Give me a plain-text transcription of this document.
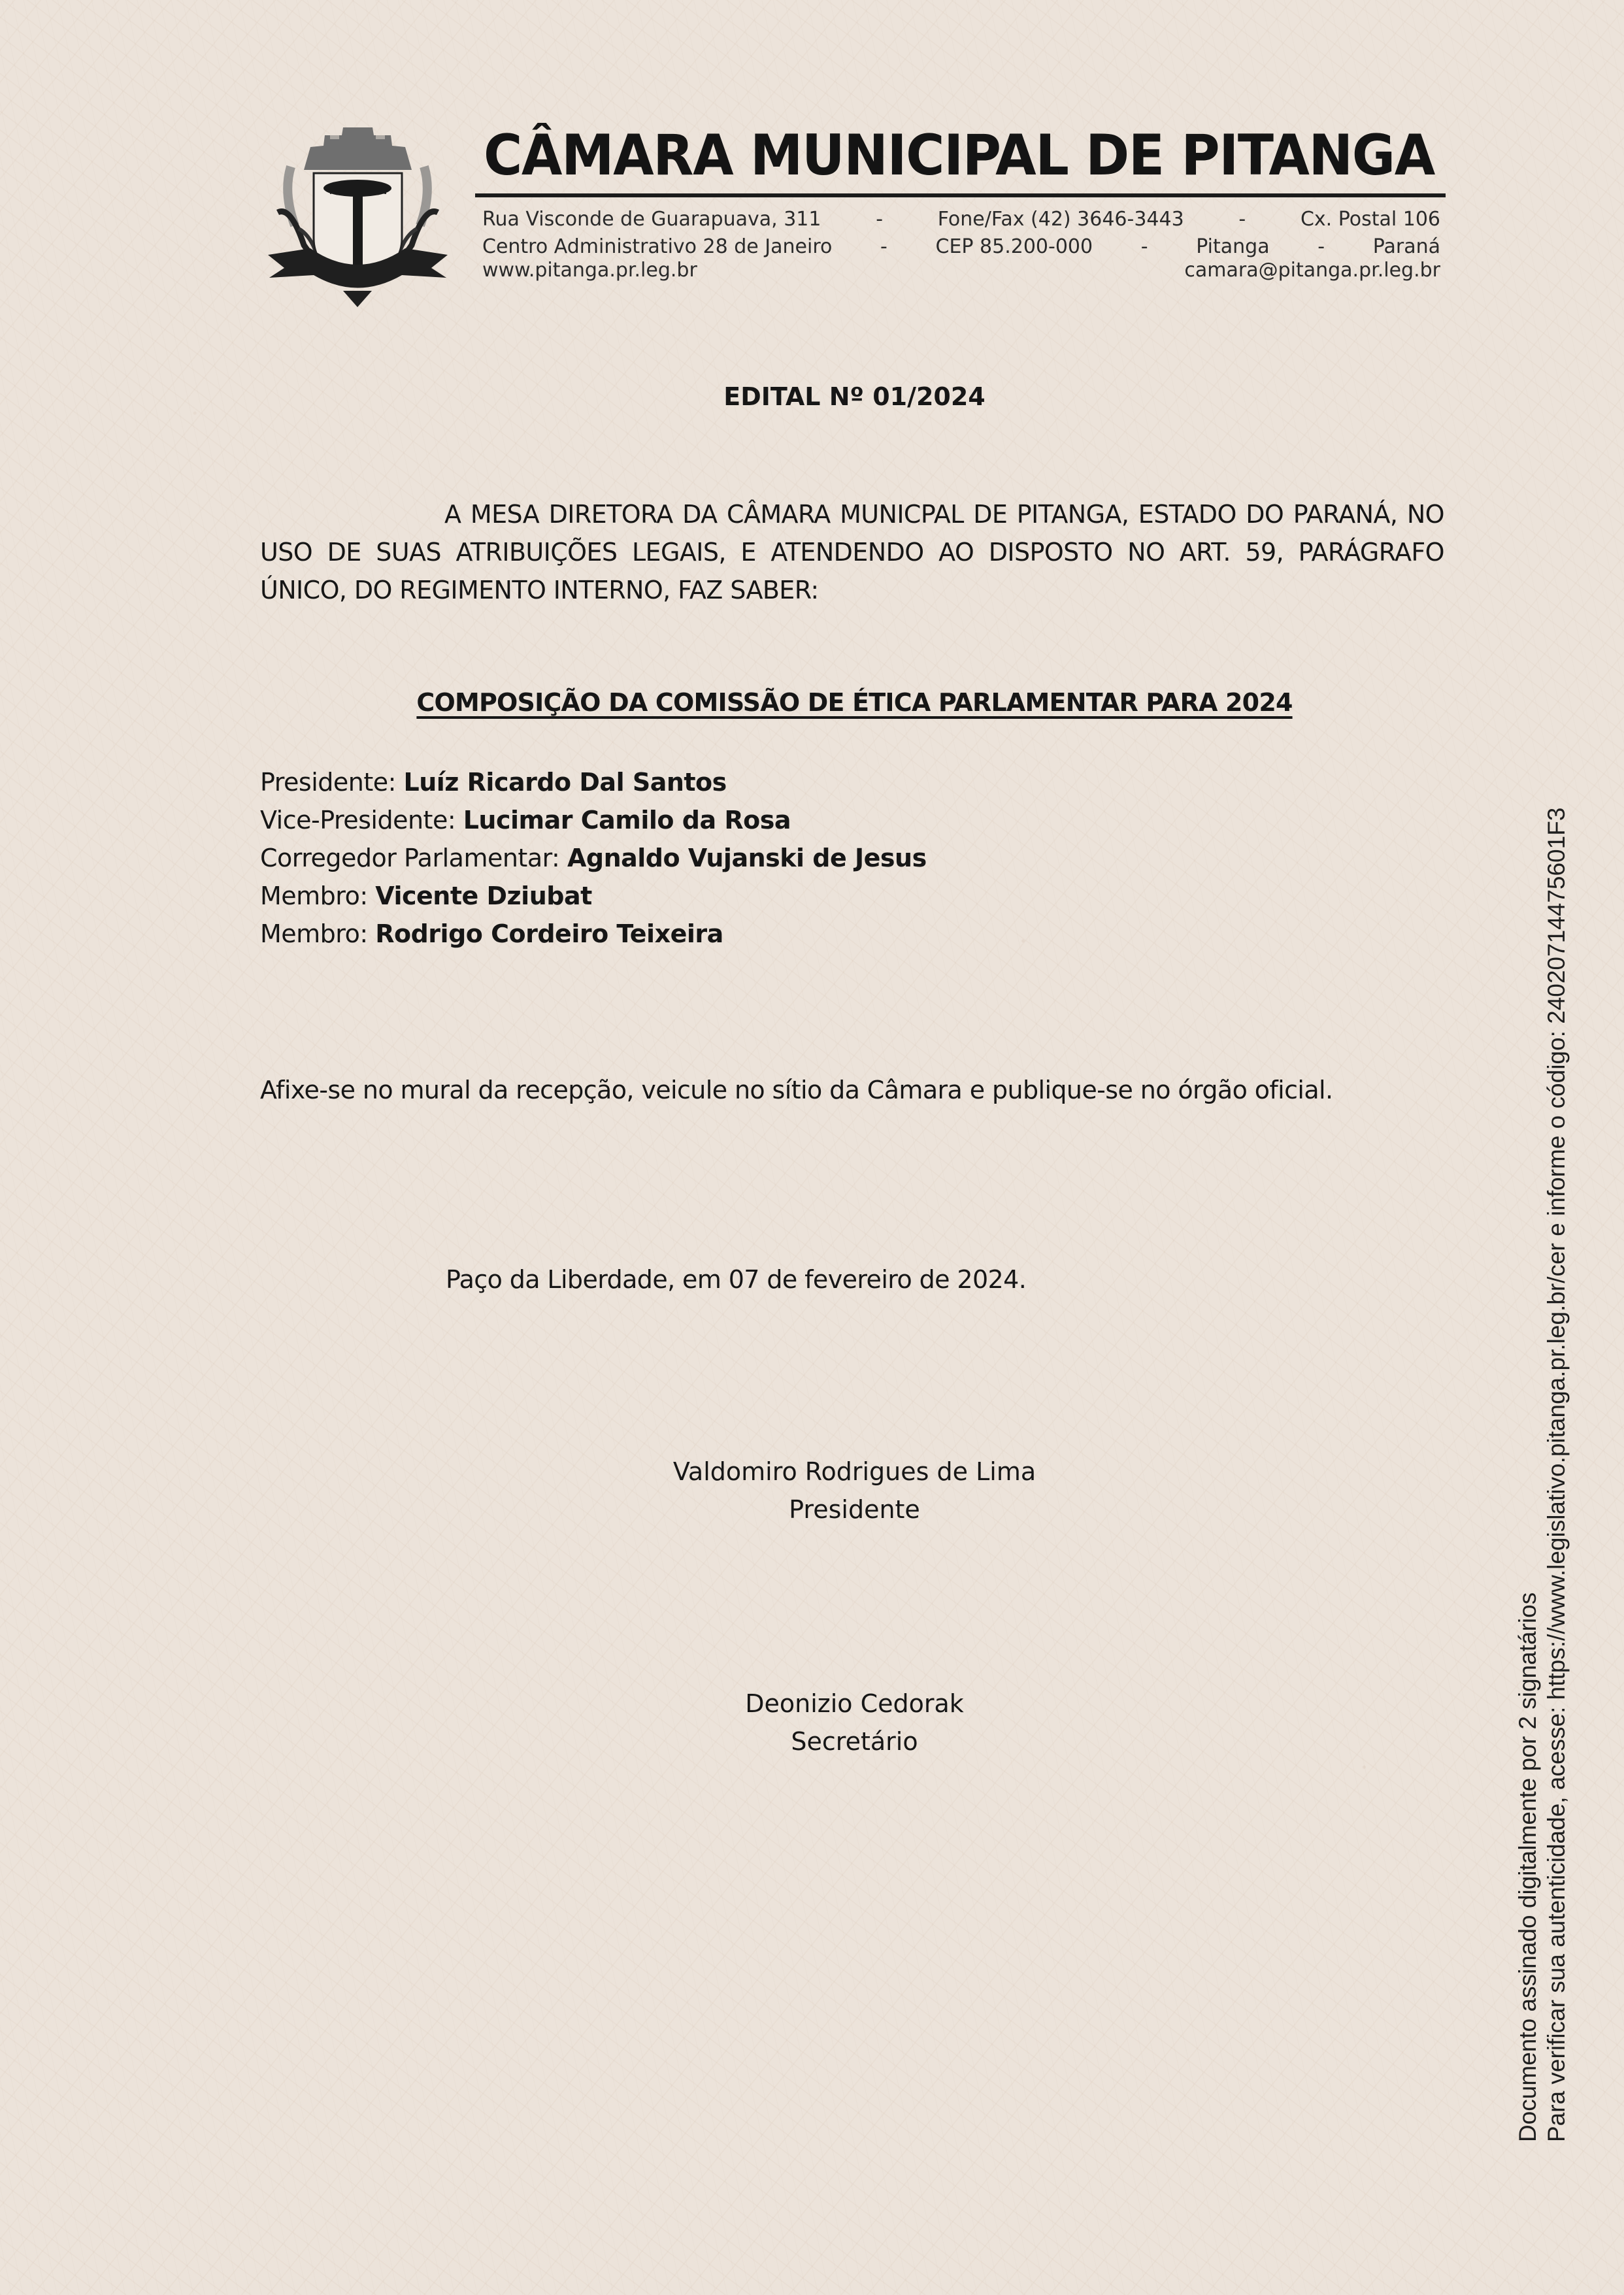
CÂMARA MUNICIPAL DE PITANGA
Rua Visconde de Guarapuava, 311	-	Fone/Fax (42) 3646-3443	-	Cx. Postal 106
Centro Administrativo 28 de Janeiro - CEP 85.200-000 - Pitanga - Paraná
www.pitanga.pr.leg.br	camara@pitanga.pr.leg.br
EDITAL Nº 01/2024
A MESA DIRETORA DA CÂMARA MUNICPAL DE PITANGA, ESTADO DO PARANÁ, NO USO DE SUAS ATRIBUIÇÕES LEGAIS, E ATENDENDO AO DISPOSTO NO ART. 59, PARÁGRAFO ÚNICO, DO REGIMENTO INTERNO, FAZ SABER:
COMPOSIÇÃO DA COMISSÃO DE ÉTICA PARLAMENTAR PARA 2024
Presidente: Luíz Ricardo Dal Santos
Vice-Presidente: Lucimar Camilo da Rosa
Corregedor Parlamentar: Agnaldo Vujanski de Jesus
Membro: Vicente Dziubat
Membro: Rodrigo Cordeiro Teixeira
Afixe-se no mural da recepção, veicule no sítio da Câmara e publique-se no órgão oficial.
Paço da Liberdade, em 07 de fevereiro de 2024.
Valdomiro Rodrigues de Lima
Presidente
Deonizio Cedorak
Secretário	Documento assinado digitalmente por 2 signatários Para verificar sua autenticidade, acesse: https://www.legislativo.pitanga.pr.leg.br/cer e informe o código: 24020714475601F3
